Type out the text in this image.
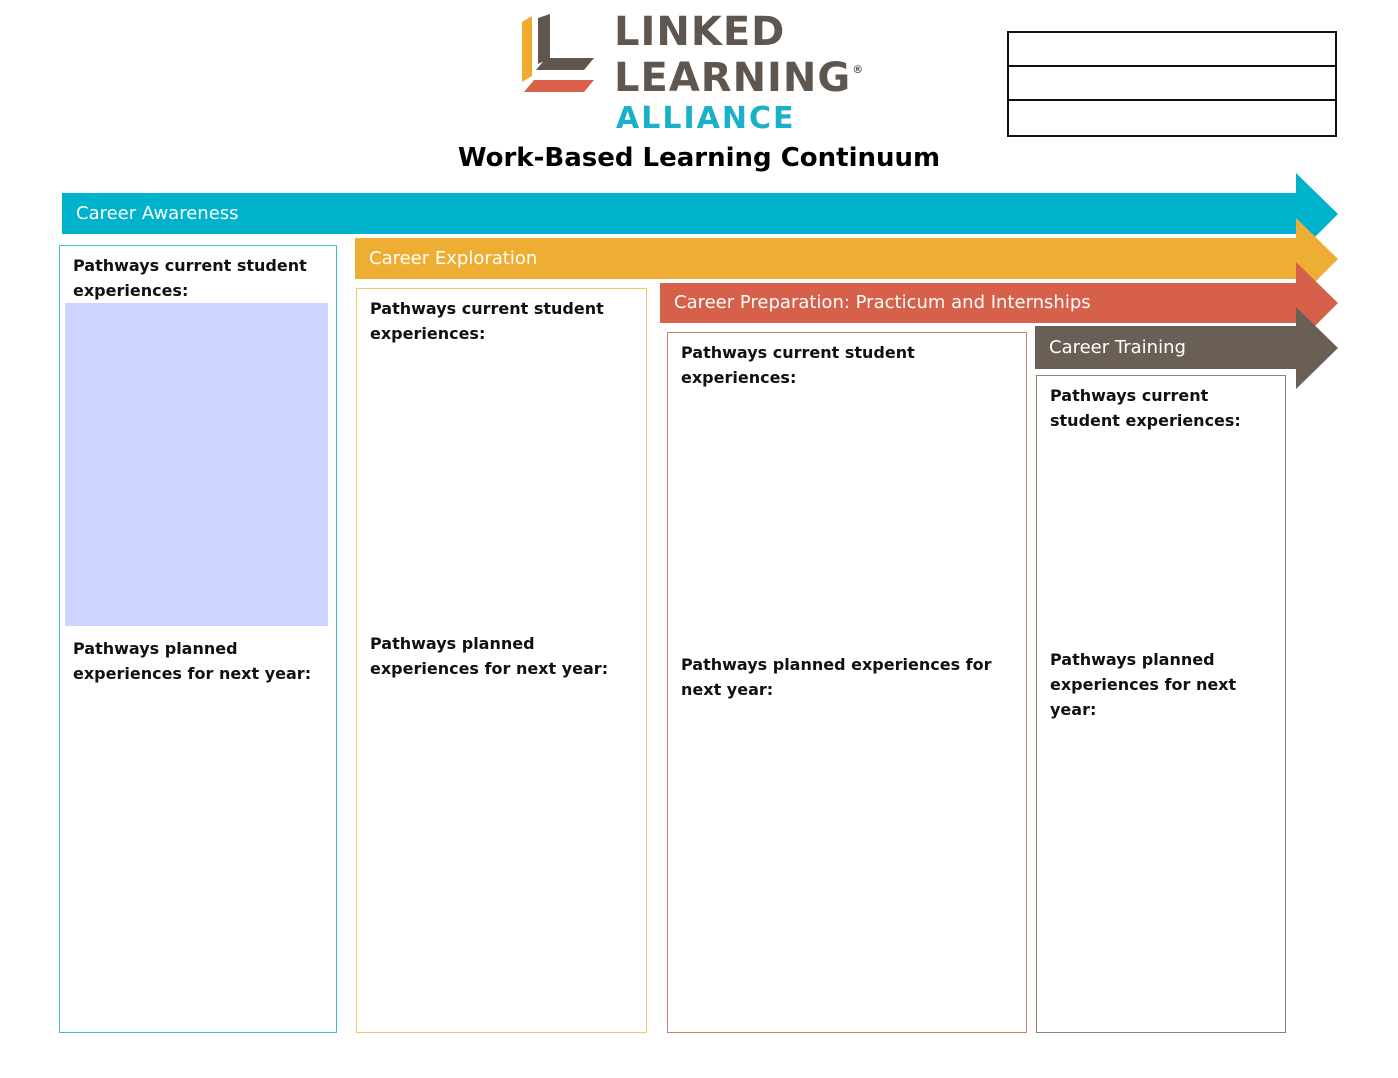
LINKED
LEARNING®
ALLIANCE
Work-Based Learning Continuum
Career Awareness
Career Exploration
Career Preparation: Practicum and Internships
Career Training
Pathways current student experiences:
Pathways planned experiences for next year:
Pathways current student experiences:
Pathways planned experiences for next year:
Pathways current student experiences:
Pathways planned experiences for next year:
Pathways current student experiences:
Pathways planned experiences for next year:
